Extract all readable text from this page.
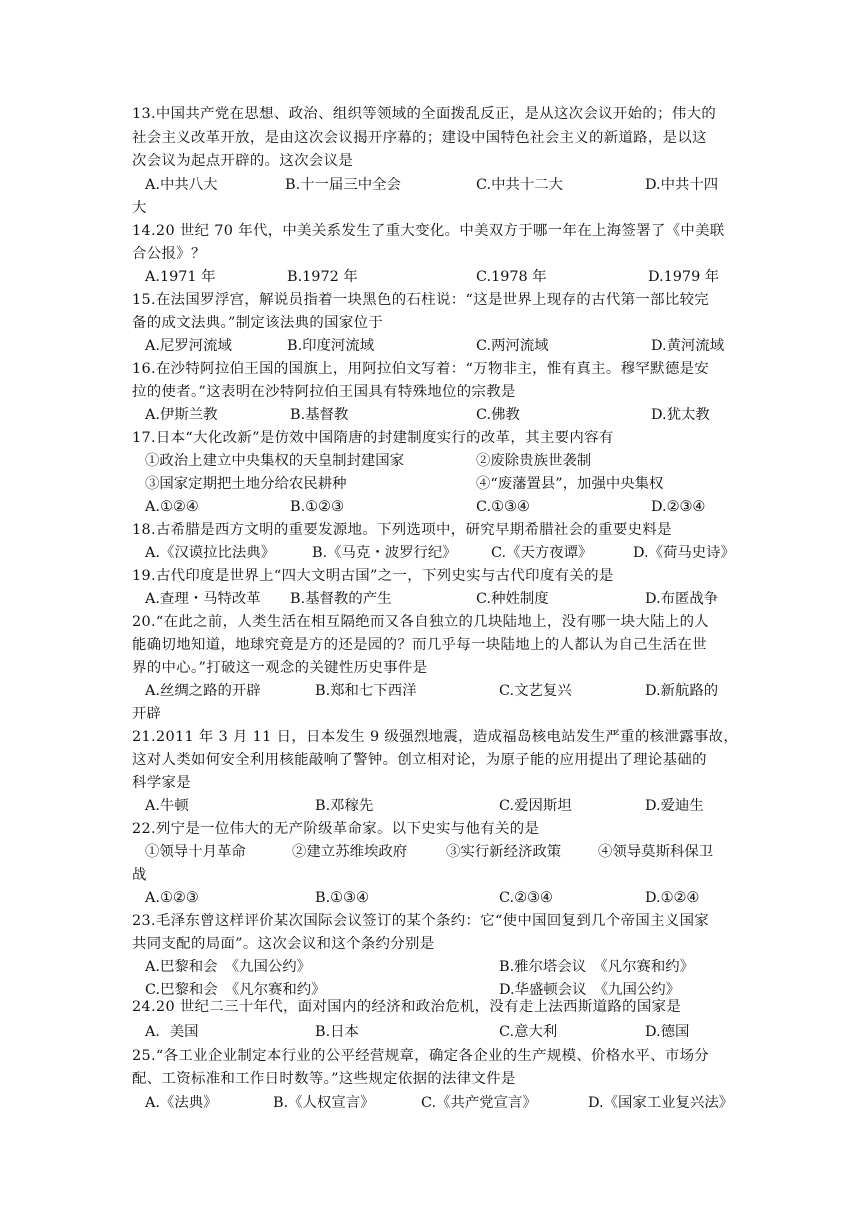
13.中国共产党在思想、政治、组织等领域的全面拨乱反正，是从这次会议开始的；伟大的
社会主义改革开放，是由这次会议揭开序幕的；建设中国特色社会主义的新道路，是以这
次会议为起点开辟的。这次会议是
A.中共八大	B.十一届三中全会	C.中共十二大	D.中共十四
大
14.20 世纪 70 年代，中美关系发生了重大变化。中美双方于哪一年在上海签署了《中美联
合公报》？
A.1971 年	B.1972 年	C.1978 年	D.1979 年
15.在法国罗浮宫，解说员指着一块黑色的石柱说：“这是世界上现存的古代第一部比较完
备的成文法典。”制定该法典的国家位于
A.尼罗河流域	B.印度河流域	C.两河流域	D.黄河流域
16.在沙特阿拉伯王国的国旗上，用阿拉伯文写着：“万物非主，惟有真主。穆罕默德是安
拉的使者。”这表明在沙特阿拉伯王国具有特殊地位的宗教是
A.伊斯兰教	B.基督教	C.佛教	D.犹太教
17.日本“大化改新”是仿效中国隋唐的封建制度实行的改革，其主要内容有
①政治上建立中央集权的天皇制封建国家	②废除贵族世袭制
③国家定期把土地分给农民耕种	④“废藩置县”，加强中央集权
A.①②④	B.①②③	C.①③④	D.②③④
18.古希腊是西方文明的重要发源地。下列选项中，研究早期希腊社会的重要史料是
A.《汉谟拉比法典》	B.《马克・波罗行纪》 C.《天方夜谭》	D.《荷马史诗》
19.古代印度是世界上“四大文明古国”之一，下列史实与古代印度有关的是
A.查理・马特改革 B.基督教的产生	C.种姓制度	D.布匿战争
20.“在此之前，人类生活在相互隔绝而又各自独立的几块陆地上，没有哪一块大陆上的人
能确切地知道，地球究竟是方的还是园的？而几乎每一块陆地上的人都认为自己生活在世
界的中心。”打破这一观念的关键性历史事件是
A.丝绸之路的开辟	B.郑和七下西洋	C.文艺复兴	D.新航路的
开辟
21.2011 年 3 月 11 日，日本发生 9 级强烈地震，造成福岛核电站发生严重的核泄露事故，
这对人类如何安全利用核能敲响了警钟。创立相对论，为原子能的应用提出了理论基础的
科学家是
A.牛顿	B.邓稼先	C.爱因斯坦	D.爱迪生
22.列宁是一位伟大的无产阶级革命家。以下史实与他有关的是
①领导十月革命	②建立苏维埃政府	③实行新经济政策	④领导莫斯科保卫
战
A.①②③	B.①③④	C.②③④	D.①②④
23.毛泽东曾这样评价某次国际会议签订的某个条约：它“使中国回复到几个帝国主义国家
共同支配的局面”。这次会议和这个条约分别是
A.巴黎和会　《九国公约》	B.雅尔塔会议　《凡尔赛和约》
C.巴黎和会　《凡尔赛和约》	D.华盛顿会议　《九国公约》
24.20 世纪二三十年代，面对国内的经济和政治危机，没有走上法西斯道路的国家是
A．美国	B.日本	C.意大利	D.德国
25.“各工业企业制定本行业的公平经营规章，确定各企业的生产规模、价格水平、市场分
配、工资标准和工作日时数等。”这些规定依据的法律文件是
A.《法典》	B.《人权宣言》	C.《共产党宣言》	D.《国家工业复兴法》
